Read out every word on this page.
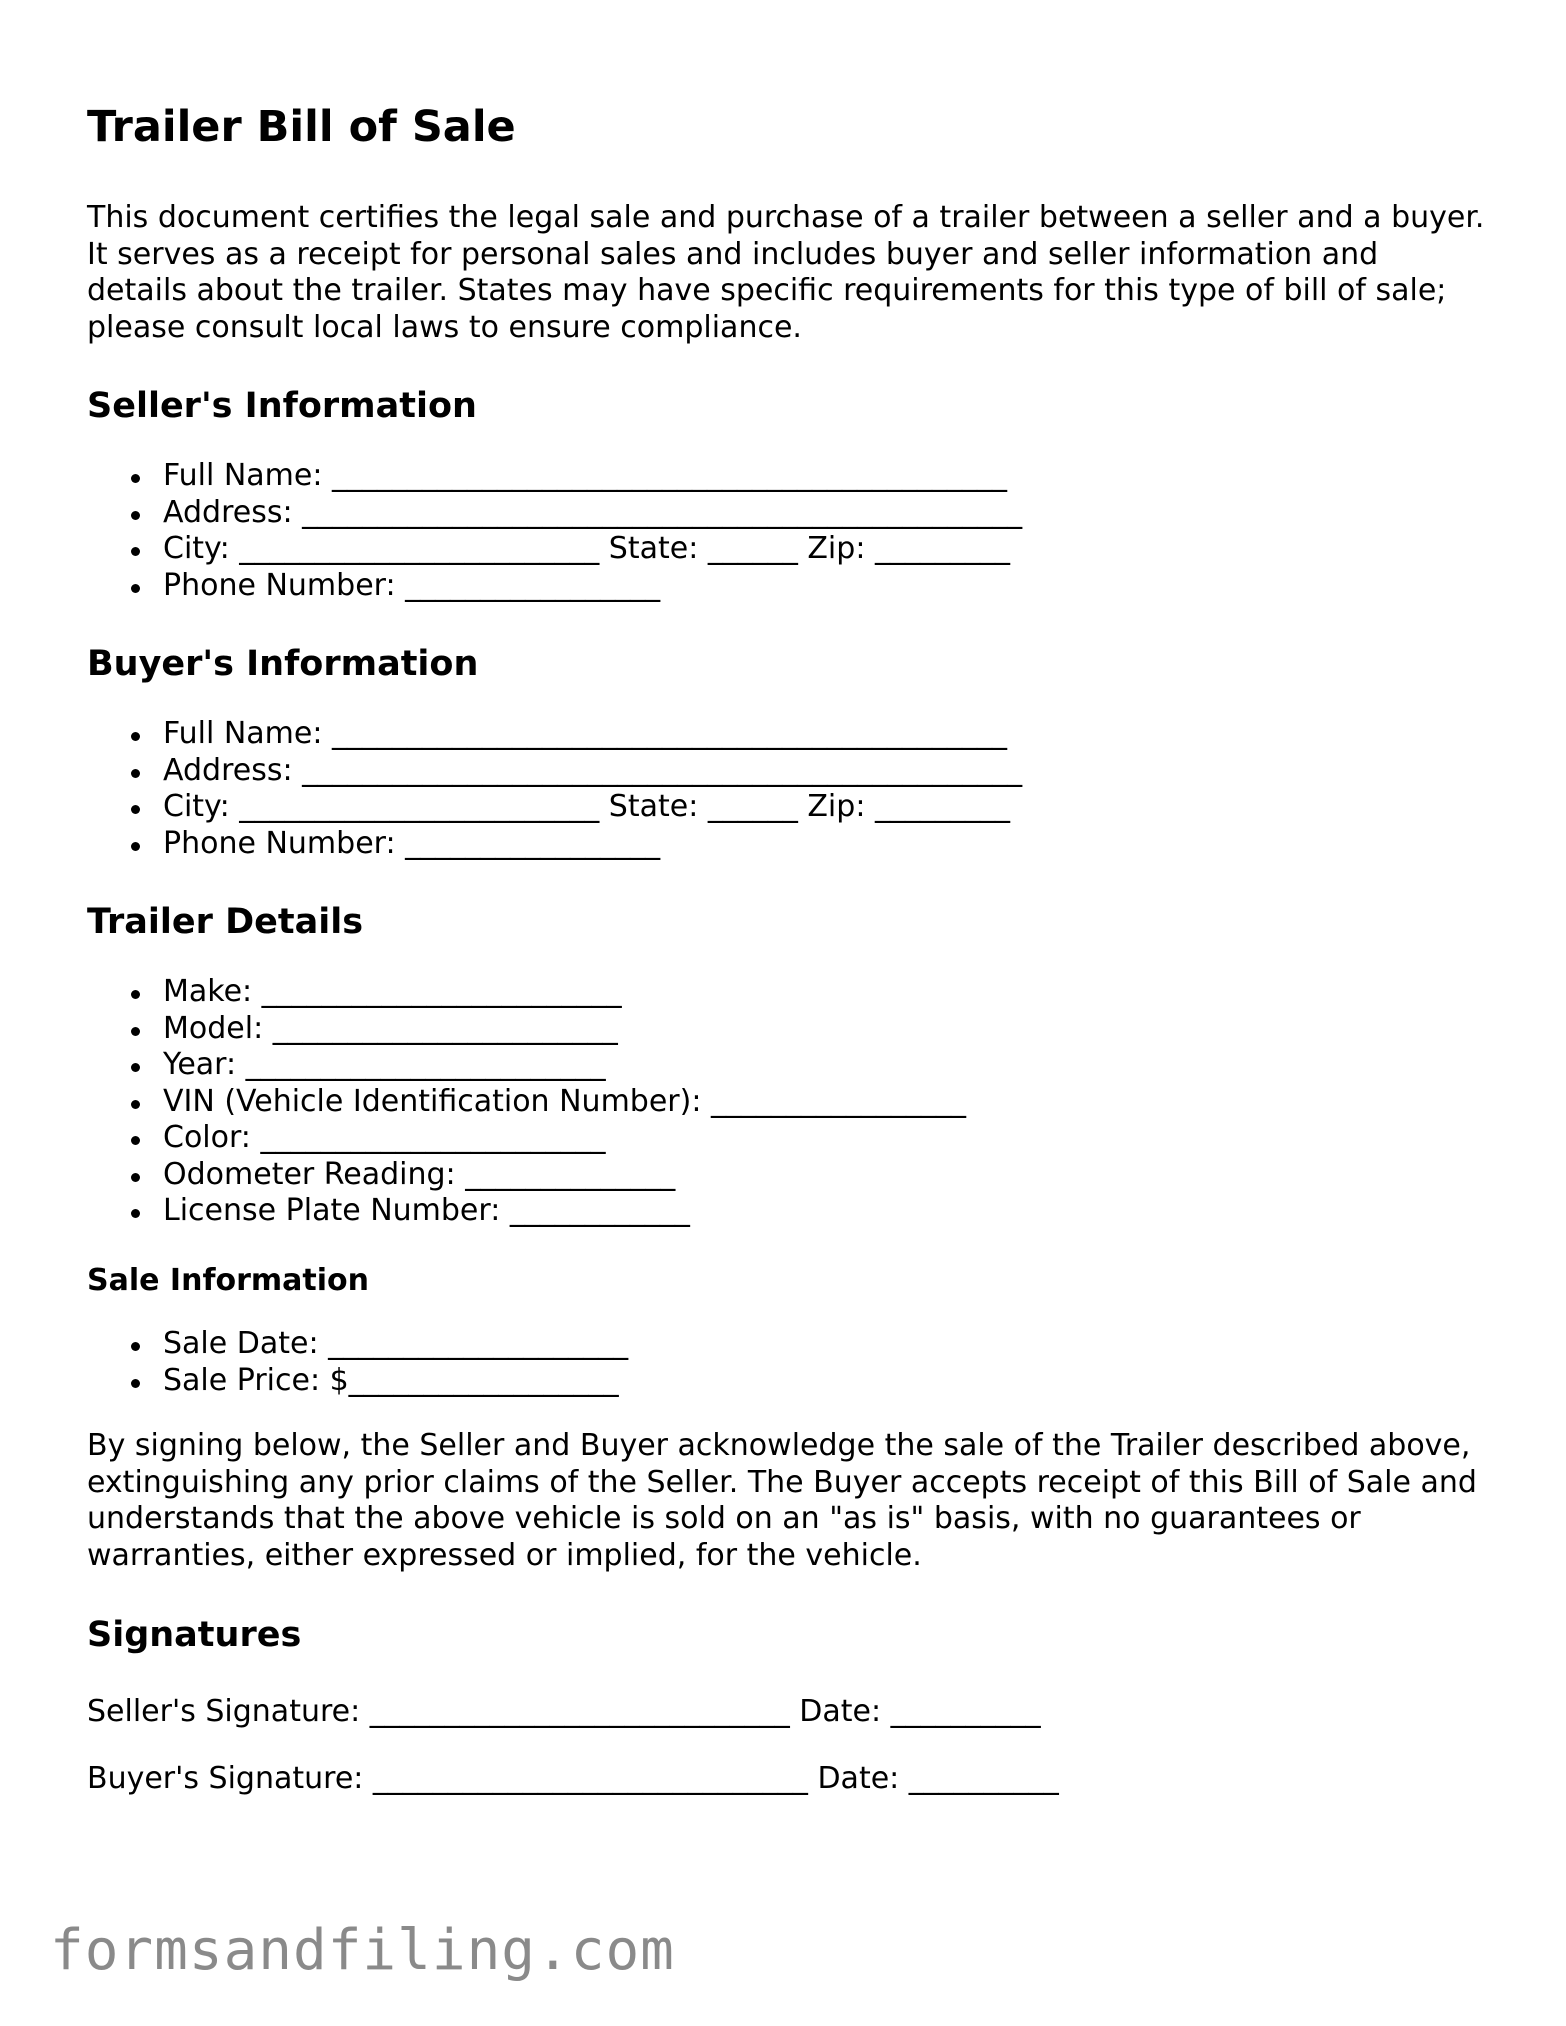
Trailer Bill of Sale

This document certifies the legal sale and purchase of a trailer between a seller and a buyer. It serves as a receipt for personal sales and includes buyer and seller information and details about the trailer. States may have specific requirements for this type of bill of sale; please consult local laws to ensure compliance.

Seller's Information
Full Name: _____________________________________________
Address: ________________________________________________
City: ________________________ State: ______ Zip: _________
Phone Number: _________________
Buyer's Information
Full Name: _____________________________________________
Address: ________________________________________________
City: ________________________ State: ______ Zip: _________
Phone Number: _________________
Trailer Details
Make: ________________________
Model: _______________________
Year: ________________________
VIN (Vehicle Identification Number): _________________
Color: _______________________
Odometer Reading: ______________
License Plate Number: ____________
Sale Information
Sale Date: ____________________
Sale Price: $__________________

By signing below, the Seller and Buyer acknowledge the sale of the Trailer described above, extinguishing any prior claims of the Seller. The Buyer accepts receipt of this Bill of Sale and understands that the above vehicle is sold on an "as is" basis, with no guarantees or warranties, either expressed or implied, for the vehicle.

Signatures
Seller's Signature: ____________________________ Date: __________
Buyer's Signature: _____________________________ Date: __________
formsandfiling.com
